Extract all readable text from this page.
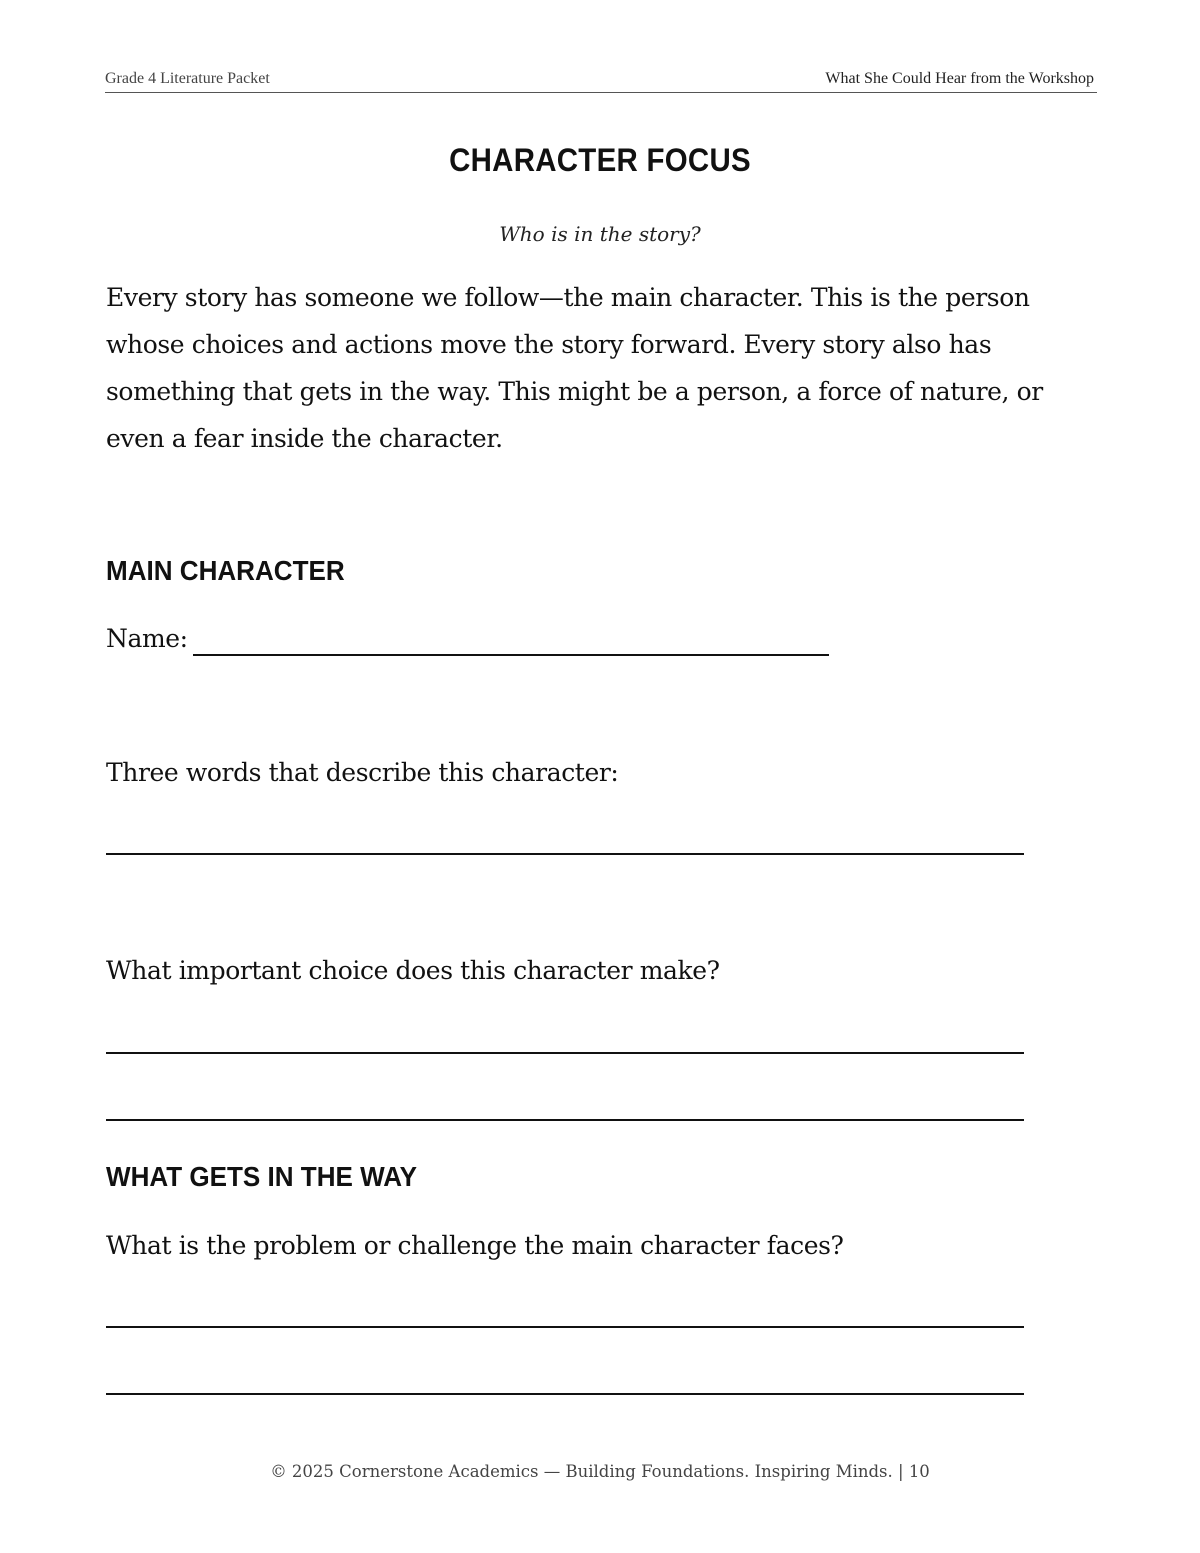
Grade 4 Literature Packet	What She Could Hear from the Workshop
CHARACTER FOCUS
Who is in the story?
Every story has someone we follow—the main character. This is the person whose choices and actions move the story forward. Every story also has something that gets in the way. This might be a person, a force of nature, or even a fear inside the character.
MAIN CHARACTER
Name:
Three words that describe this character:
What important choice does this character make?
WHAT GETS IN THE WAY
What is the problem or challenge the main character faces?
© 2025 Cornerstone Academics — Building Foundations. Inspiring Minds. | 10
